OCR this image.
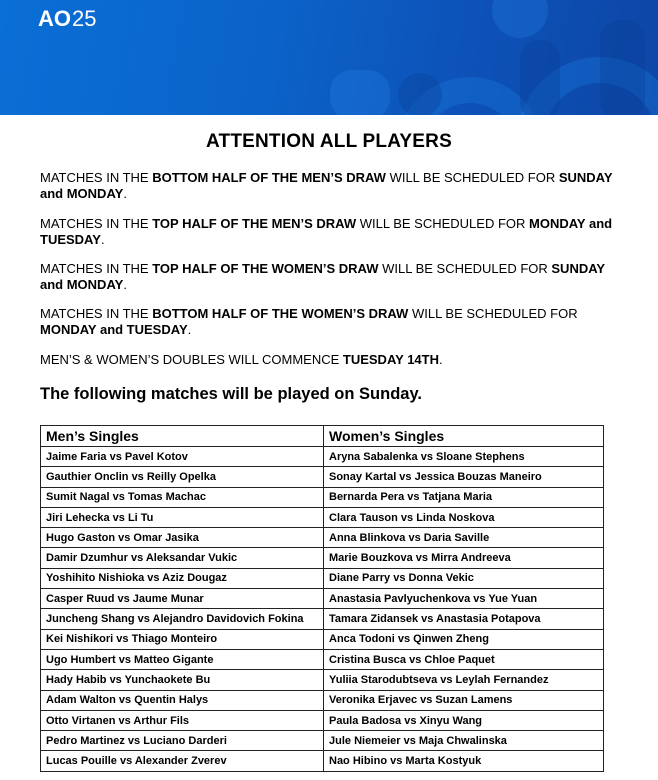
AO 25
ATTENTION ALL PLAYERS
MATCHES IN THE BOTTOM HALF OF THE MEN’S DRAW WILL BE SCHEDULED FOR SUNDAY and MONDAY.
MATCHES IN THE TOP HALF OF THE MEN’S DRAW WILL BE SCHEDULED FOR MONDAY and TUESDAY.
MATCHES IN THE TOP HALF OF THE WOMEN’S DRAW WILL BE SCHEDULED FOR SUNDAY and MONDAY.
MATCHES IN THE BOTTOM HALF OF THE WOMEN’S DRAW WILL BE SCHEDULED FOR MONDAY and TUESDAY.
MEN’S & WOMEN’S DOUBLES WILL COMMENCE TUESDAY 14TH.
The following matches will be played on Sunday.
Men’s Singles	Women’s Singles
Jaime Faria vs Pavel Kotov	Aryna Sabalenka vs Sloane Stephens
Gauthier Onclin vs Reilly Opelka	Sonay Kartal vs Jessica Bouzas Maneiro
Sumit Nagal vs Tomas Machac	Bernarda Pera vs Tatjana Maria
Jiri Lehecka vs Li Tu	Clara Tauson vs Linda Noskova
Hugo Gaston vs Omar Jasika	Anna Blinkova vs Daria Saville
Damir Dzumhur vs Aleksandar Vukic	Marie Bouzkova vs Mirra Andreeva
Yoshihito Nishioka vs Aziz Dougaz	Diane Parry vs Donna Vekic
Casper Ruud vs Jaume Munar	Anastasia Pavlyuchenkova vs Yue Yuan
Juncheng Shang vs Alejandro Davidovich Fokina	Tamara Zidansek vs Anastasia Potapova
Kei Nishikori vs Thiago Monteiro	Anca Todoni vs Qinwen Zheng
Ugo Humbert vs Matteo Gigante	Cristina Busca vs Chloe Paquet
Hady Habib vs Yunchaokete Bu	Yuliia Starodubtseva vs Leylah Fernandez
Adam Walton vs Quentin Halys	Veronika Erjavec vs Suzan Lamens
Otto Virtanen vs Arthur Fils	Paula Badosa vs Xinyu Wang
Pedro Martinez vs Luciano Darderi	Jule Niemeier vs Maja Chwalinska
Lucas Pouille vs Alexander Zverev	Nao Hibino vs Marta Kostyuk
